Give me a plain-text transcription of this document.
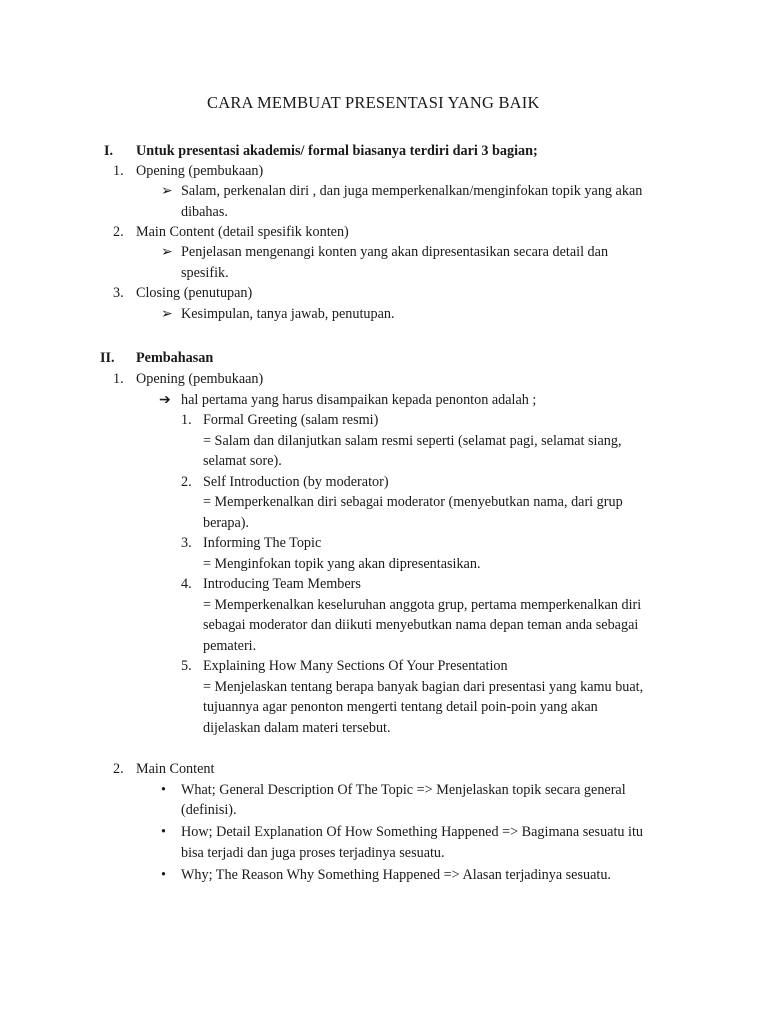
CARA MEMBUAT PRESENTASI YANG BAIK
I. Untuk presentasi akademis/ formal biasanya terdiri dari 3 bagian;
1. Opening (pembukaan)
➢ Salam, perkenalan diri , dan juga memperkenalkan/menginfokan topik yang akan
dibahas.
2. Main Content (detail spesifik konten)
➢ Penjelasan mengenangi konten yang akan dipresentasikan secara detail dan
spesifik.
3. Closing (penutupan)
➢ Kesimpulan, tanya jawab, penutupan.
II. Pembahasan
1. Opening (pembukaan)
➔ hal pertama yang harus disampaikan kepada penonton adalah ;
1. Formal Greeting (salam resmi)
= Salam dan dilanjutkan salam resmi seperti (selamat pagi, selamat siang,
selamat sore).
2. Self Introduction (by moderator)
= Memperkenalkan diri sebagai moderator (menyebutkan nama, dari grup
berapa).
3. Informing The Topic
= Menginfokan topik yang akan dipresentasikan.
4. Introducing Team Members
= Memperkenalkan keseluruhan anggota grup, pertama memperkenalkan diri
sebagai moderator dan diikuti menyebutkan nama depan teman anda sebagai
pemateri.
5. Explaining How Many Sections Of Your Presentation
= Menjelaskan tentang berapa banyak bagian dari presentasi yang kamu buat,
tujuannya agar penonton mengerti tentang detail poin-poin yang akan
dijelaskan dalam materi tersebut.
2. Main Content
• What; General Description Of The Topic => Menjelaskan topik secara general
(definisi).
• How; Detail Explanation Of How Something Happened => Bagimana sesuatu itu
bisa terjadi dan juga proses terjadinya sesuatu.
• Why; The Reason Why Something Happened => Alasan terjadinya sesuatu.
